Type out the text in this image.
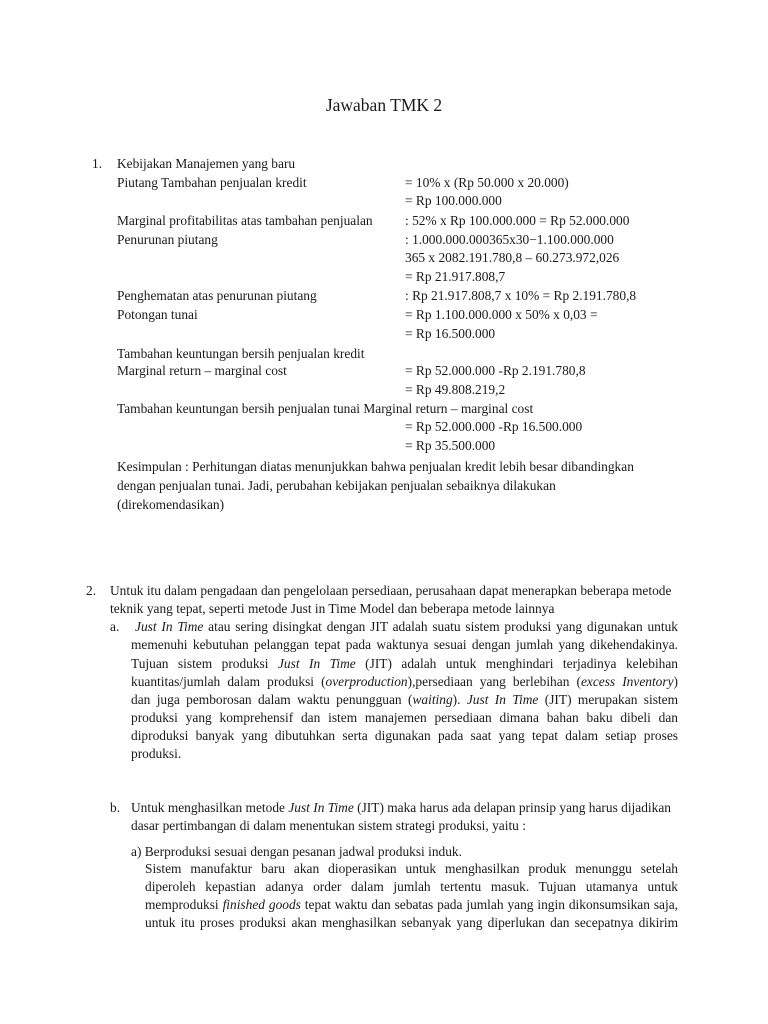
Jawaban TMK 2
1. Kebijakan Manajemen yang baru
Piutang Tambahan penjualan kredit	= 10% x (Rp 50.000 x 20.000)
= Rp 100.000.000
Marginal profitabilitas atas tambahan penjualan : 52% x Rp 100.000.000 = Rp 52.000.000
Penurunan piutang	: 1.000.000.000365x30−1.100.000.000
365 x 2082.191.780,8 – 60.273.972,026
= Rp 21.917.808,7
Penghematan atas penurunan piutang	: Rp 21.917.808,7 x 10% = Rp 2.191.780,8
Potongan tunai	= Rp 1.100.000.000 x 50% x 0,03 =
= Rp 16.500.000
Tambahan keuntungan bersih penjualan kredit
Marginal return – marginal cost	= Rp 52.000.000 -Rp 2.191.780,8
= Rp 49.808.219,2
Tambahan keuntungan bersih penjualan tunai Marginal return – marginal cost
= Rp 52.000.000 -Rp 16.500.000
= Rp 35.500.000
Kesimpulan : Perhitungan diatas menunjukkan bahwa penjualan kredit lebih besar dibandingkan
dengan penjualan tunai. Jadi, perubahan kebijakan penjualan sebaiknya dilakukan
(direkomendasikan)
2. Untuk itu dalam pengadaan dan pengelolaan persediaan, perusahaan dapat menerapkan beberapa metode
teknik yang tepat, seperti metode Just in Time Model dan beberapa metode lainnya
a. Just In Time atau sering disingkat dengan JIT adalah suatu sistem produksi yang digunakan untuk
memenuhi kebutuhan pelanggan tepat pada waktunya sesuai dengan jumlah yang dikehendakinya.
Tujuan sistem produksi Just In Time (JIT) adalah untuk menghindari terjadinya kelebihan
kuantitas/jumlah dalam produksi (overproduction),persediaan yang berlebihan (excess Inventory)
dan juga pemborosan dalam waktu penungguan (waiting). Just In Time (JIT) merupakan sistem
produksi yang komprehensif dan istem manajemen persediaan dimana bahan baku dibeli dan
diproduksi banyak yang dibutuhkan serta digunakan pada saat yang tepat dalam setiap proses
produksi.
b. Untuk menghasilkan metode Just In Time (JIT) maka harus ada delapan prinsip yang harus dijadikan
dasar pertimbangan di dalam menentukan sistem strategi produksi, yaitu :
a) Berproduksi sesuai dengan pesanan jadwal produksi induk.
Sistem manufaktur baru akan dioperasikan untuk menghasilkan produk menunggu setelah
diperoleh kepastian adanya order dalam jumlah tertentu masuk. Tujuan utamanya untuk
memproduksi finished goods tepat waktu dan sebatas pada jumlah yang ingin dikonsumsikan saja,
untuk itu proses produksi akan menghasilkan sebanyak yang diperlukan dan secepatnya dikirim
